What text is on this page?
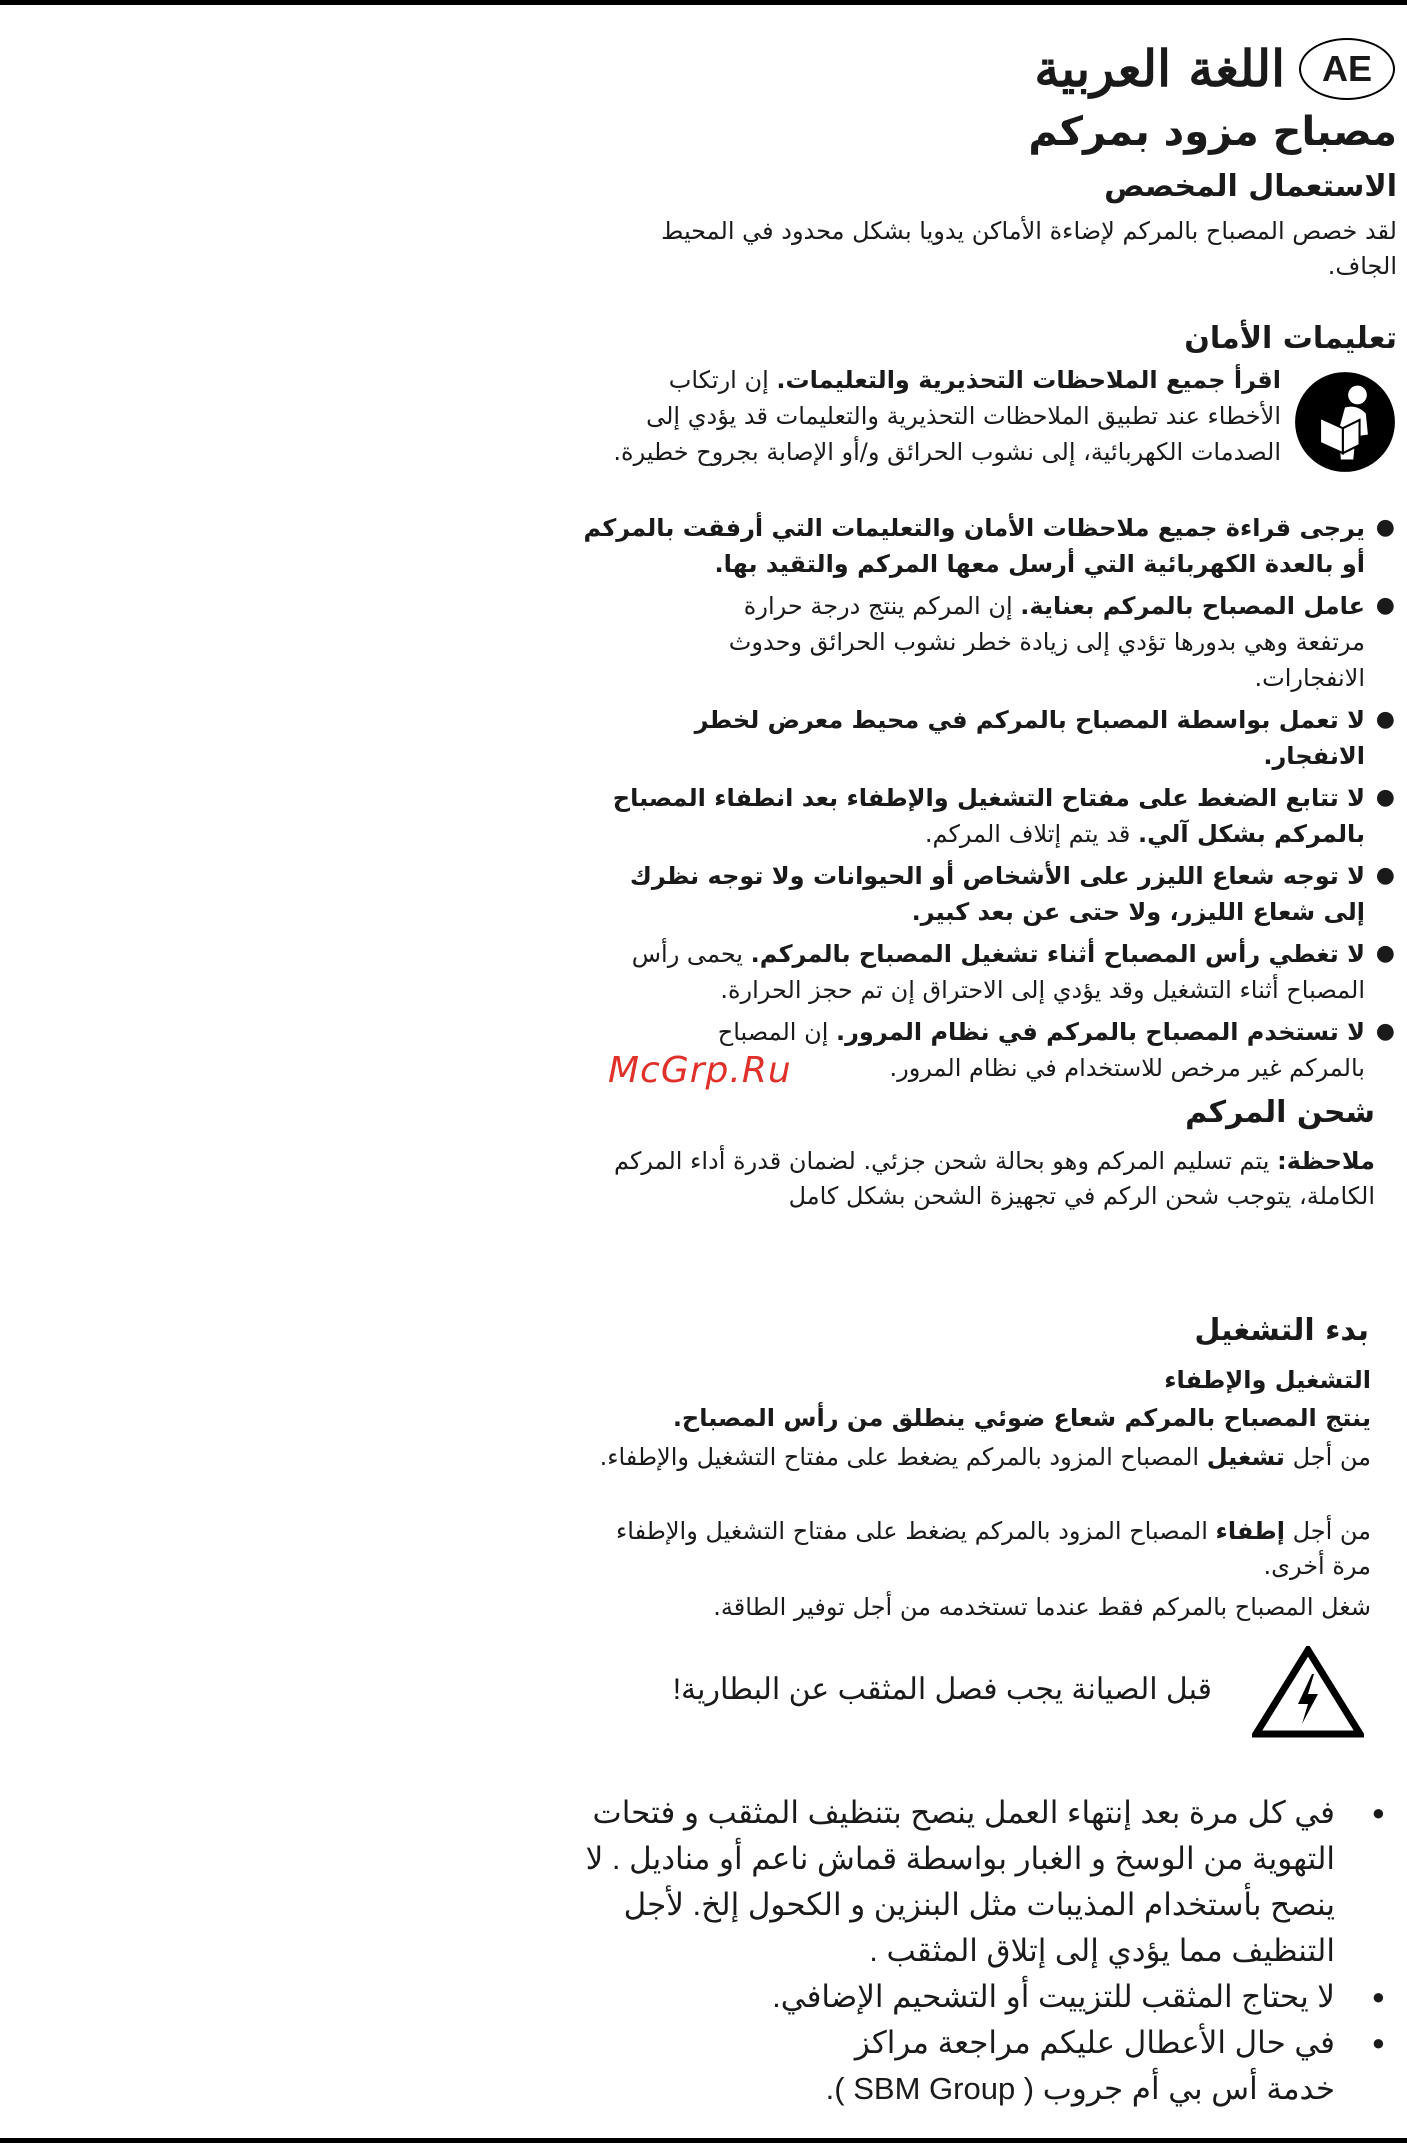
AE
اللغة العربية
مصباح مزود بمركم
الاستعمال المخصص
لقد خصص المصباح بالمركم لإضاءة الأماكن يدويا بشكل محدود في المحيط الجاف.
تعليمات الأمان
اقرأ جميع الملاحظات التحذيرية والتعليمات. إن ارتكاب الأخطاء عند تطبيق الملاحظات التحذيرية والتعليمات قد يؤدي إلى الصدمات الكهربائية، إلى نشوب الحرائق و/أو الإصابة بجروح خطيرة.
● يرجى قراءة جميع ملاحظات الأمان والتعليمات التي أرفقت بالمركم أو بالعدة الكهربائية التي أرسل معها المركم والتقيد بها.
● عامل المصباح بالمركم بعناية. إن المركم ينتج درجة حرارة مرتفعة وهي بدورها تؤدي إلى زيادة خطر نشوب الحرائق وحدوث الانفجارات.
● لا تعمل بواسطة المصباح بالمركم في محيط معرض لخطر الانفجار.
● لا تتابع الضغط على مفتاح التشغيل والإطفاء بعد انطفاء المصباح بالمركم بشكل آلي. قد يتم إتلاف المركم.
● لا توجه شعاع الليزر على الأشخاص أو الحيوانات ولا توجه نظرك إلى شعاع الليزر، ولا حتى عن بعد كبير.
● لا تغطي رأس المصباح أثناء تشغيل المصباح بالمركم. يحمى رأس المصباح أثناء التشغيل وقد يؤدي إلى الاحتراق إن تم حجز الحرارة.
● لا تستخدم المصباح بالمركم في نظام المرور. إن المصباح بالمركم غير مرخص للاستخدام في نظام المرور.
McGrp.Ru
شحن المركم
ملاحظة: يتم تسليم المركم وهو بحالة شحن جزئي. لضمان قدرة أداء المركم الكاملة، يتوجب شحن الركم في تجهيزة الشحن بشكل كامل
بدء التشغيل
التشغيل والإطفاء
ينتج المصباح بالمركم شعاع ضوئي ينطلق من رأس المصباح.
من أجل تشغيل المصباح المزود بالمركم يضغط على مفتاح التشغيل والإطفاء.
من أجل إطفاء المصباح المزود بالمركم يضغط على مفتاح التشغيل والإطفاء مرة أخرى.
شغل المصباح بالمركم فقط عندما تستخدمه من أجل توفير الطاقة.
قبل الصيانة يجب فصل المثقب عن البطارية!
● في كل مرة بعد إنتهاء العمل ينصح بتنظيف المثقب و فتحات التهوية من الوسخ و الغبار بواسطة قماش ناعم أو مناديل . لا ينصح بأستخدام المذيبات مثل البنزين و الكحول إلخ. لأجل التنظيف مما يؤدي إلى إتلاق المثقب .
● لا يحتاج المثقب للتزييت أو التشحيم الإضافي.
● في حال الأعطال عليكم مراجعة مراكز خدمة أس بي أم جروب ( SBM Group ).
